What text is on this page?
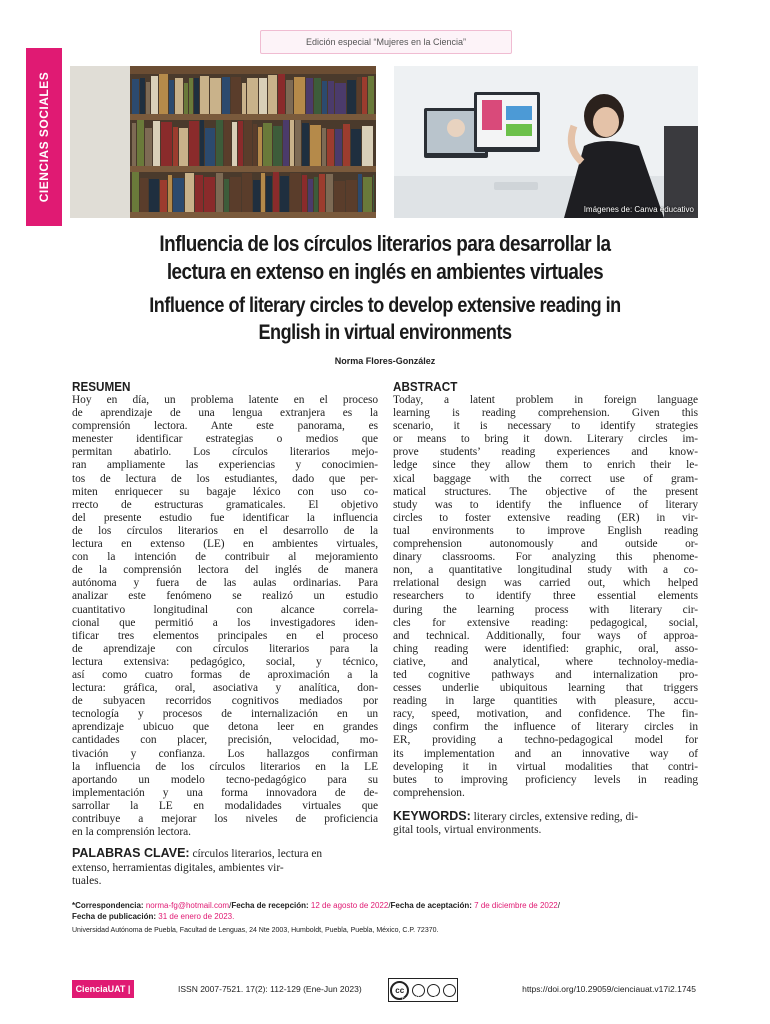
Edición especial “Mujeres en la Ciencia”
CIENCIAS SOCIALES
Imágenes de: Canva educativo
Influencia de los círculos literarios para desarrollar la
lectura en extenso en inglés en ambientes virtuales
Influence of literary circles to develop extensive reading in
English in virtual environments
Norma Flores-González
RESUMEN
Hoy en día, un problema latente en el proceso
de aprendizaje de una lengua extranjera es la
comprensión lectora. Ante este panorama, es
menester identificar estrategias o medios que
permitan abatirlo. Los círculos literarios mejo-
ran ampliamente las experiencias y conocimien-
tos de lectura de los estudiantes, dado que per-
miten enriquecer su bagaje léxico con uso co-
rrecto de estructuras gramaticales. El objetivo
del presente estudio fue identificar la influencia
de los círculos literarios en el desarrollo de la
lectura en extenso (LE) en ambientes virtuales,
con la intención de contribuir al mejoramiento
de la comprensión lectora del inglés de manera
autónoma y fuera de las aulas ordinarias. Para
analizar este fenómeno se realizó un estudio
cuantitativo longitudinal con alcance correla-
cional que permitió a los investigadores iden-
tificar tres elementos principales en el proceso
de aprendizaje con círculos literarios para la
lectura extensiva: pedagógico, social, y técnico,
así como cuatro formas de aproximación a la
lectura: gráfica, oral, asociativa y analítica, don-
de subyacen recorridos cognitivos mediados por
tecnología y procesos de internalización en un
aprendizaje ubicuo que detona leer en grandes
cantidades con placer, precisión, velocidad, mo-
tivación y confianza. Los hallazgos confirman
la influencia de los círculos literarios en la LE
aportando un modelo tecno-pedagógico para su
implementación y una forma innovadora de de-
sarrollar la LE en modalidades virtuales que
contribuye a mejorar los niveles de proficiencia
en la comprensión lectora.
PALABRAS CLAVE: círculos literarios, lectura en
extenso, herramientas digitales, ambientes vir-
tuales.
ABSTRACT
Today, a latent problem in foreign language
learning is reading comprehension. Given this
scenario, it is necessary to identify strategies
or means to bring it down. Literary circles im-
prove students’ reading experiences and know-
ledge since they allow them to enrich their le-
xical baggage with the correct use of gram-
matical structures. The objective of the present
study was to identify the influence of literary
circles to foster extensive reading (ER) in vir-
tual environments to improve English reading
comprehension autonomously and outside or-
dinary classrooms. For analyzing this phenome-
non, a quantitative longitudinal study with a co-
rrelational design was carried out, which helped
researchers to identify three essential elements
during the learning process with literary cir-
cles for extensive reading: pedagogical, social,
and technical. Additionally, four ways of approa-
ching reading were identified: graphic, oral, asso-
ciative, and analytical, where technoloy-media-
ted cognitive pathways and internalization pro-
cesses underlie ubiquitous learning that triggers
reading in large quantities with pleasure, accu-
racy, speed, motivation, and confidence. The fin-
dings confirm the influence of literary circles in
ER, providing a techno-pedagogical model for
its implementation and an innovative way of
developing it in virtual modalities that contri-
butes to improving proficiency levels in reading
comprehension.
KEYWORDS: literary circles, extensive reding, di-
gital tools, virtual environments.
*Correspondencia: norma-fg@hotmail.com/Fecha de recepción: 12 de agosto de 2022/Fecha de aceptación: 7 de diciembre de 2022/
Fecha de publicación: 31 de enero de 2023.
Universidad Autónoma de Puebla, Facultad de Lenguas, 24 Nte 2003, Humboldt, Puebla, Puebla, México, C.P. 72370.
CienciaUAT | 112
ISSN 2007-7521. 17(2): 112-129 (Ene-Jun 2023)	cc
cc BY NC SA
https://doi.org/10.29059/cienciauat.v17i2.1745
